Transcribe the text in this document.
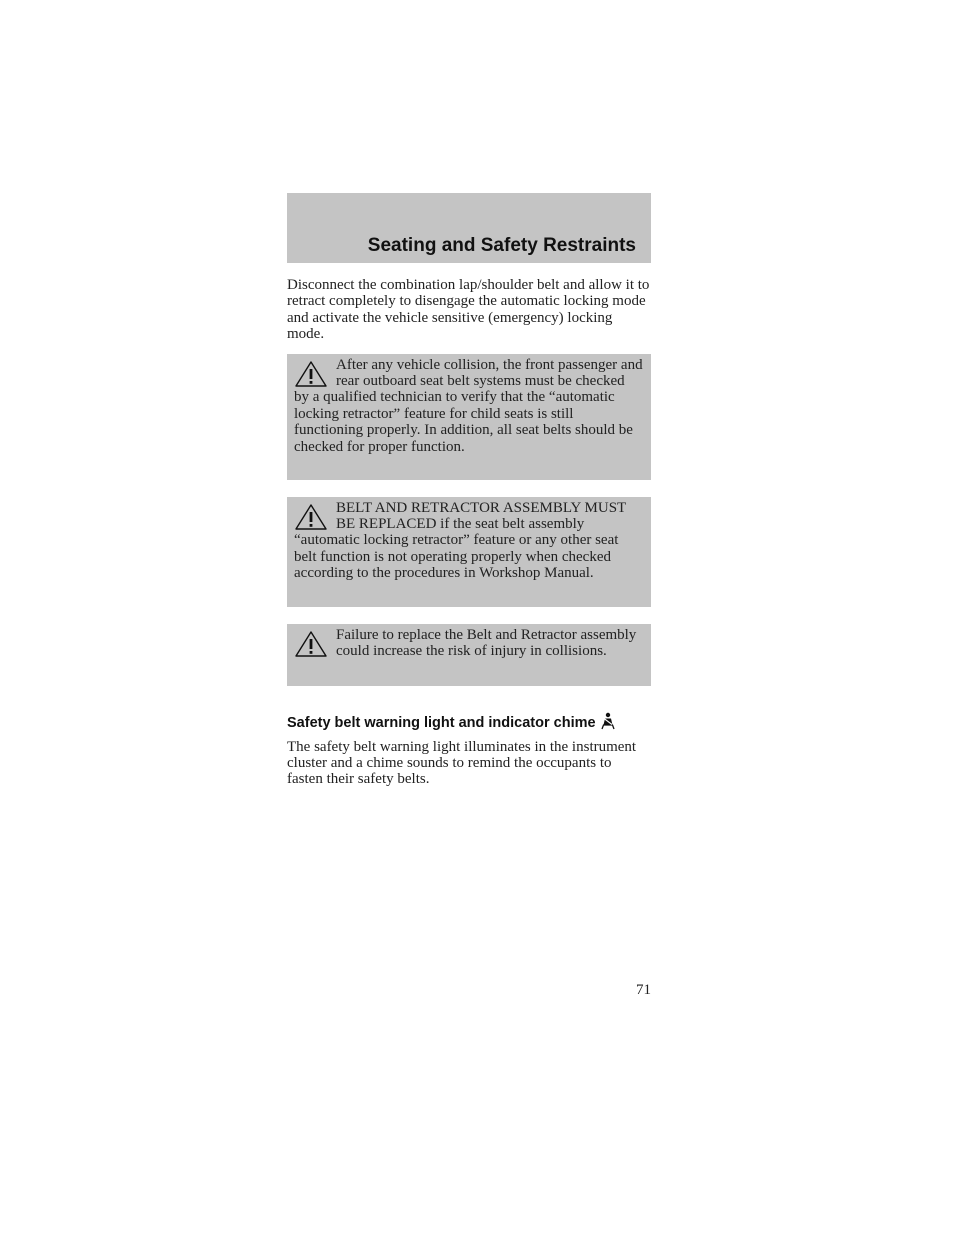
Seating and Safety Restraints

Disconnect the combination lap/shoulder belt and allow it to retract completely to disengage the automatic locking mode and activate the vehicle sensitive (emergency) locking mode.

After any vehicle collision, the front passenger and rear outboard seat belt systems must be checked by a qualified technician to verify that the “automatic locking retractor” feature for child seats is still functioning properly. In addition, all seat belts should be checked for proper function.
BELT AND RETRACTOR ASSEMBLY MUST BE REPLACED if the seat belt assembly “automatic locking retractor” feature or any other seat belt function is not operating properly when checked according to the procedures in Workshop Manual.
Failure to replace the Belt and Retractor assembly could increase the risk of injury in collisions.
Safety belt warning light and indicator chime

The safety belt warning light illuminates in the instrument cluster and a chime sounds to remind the occupants to fasten their safety belts.

71
